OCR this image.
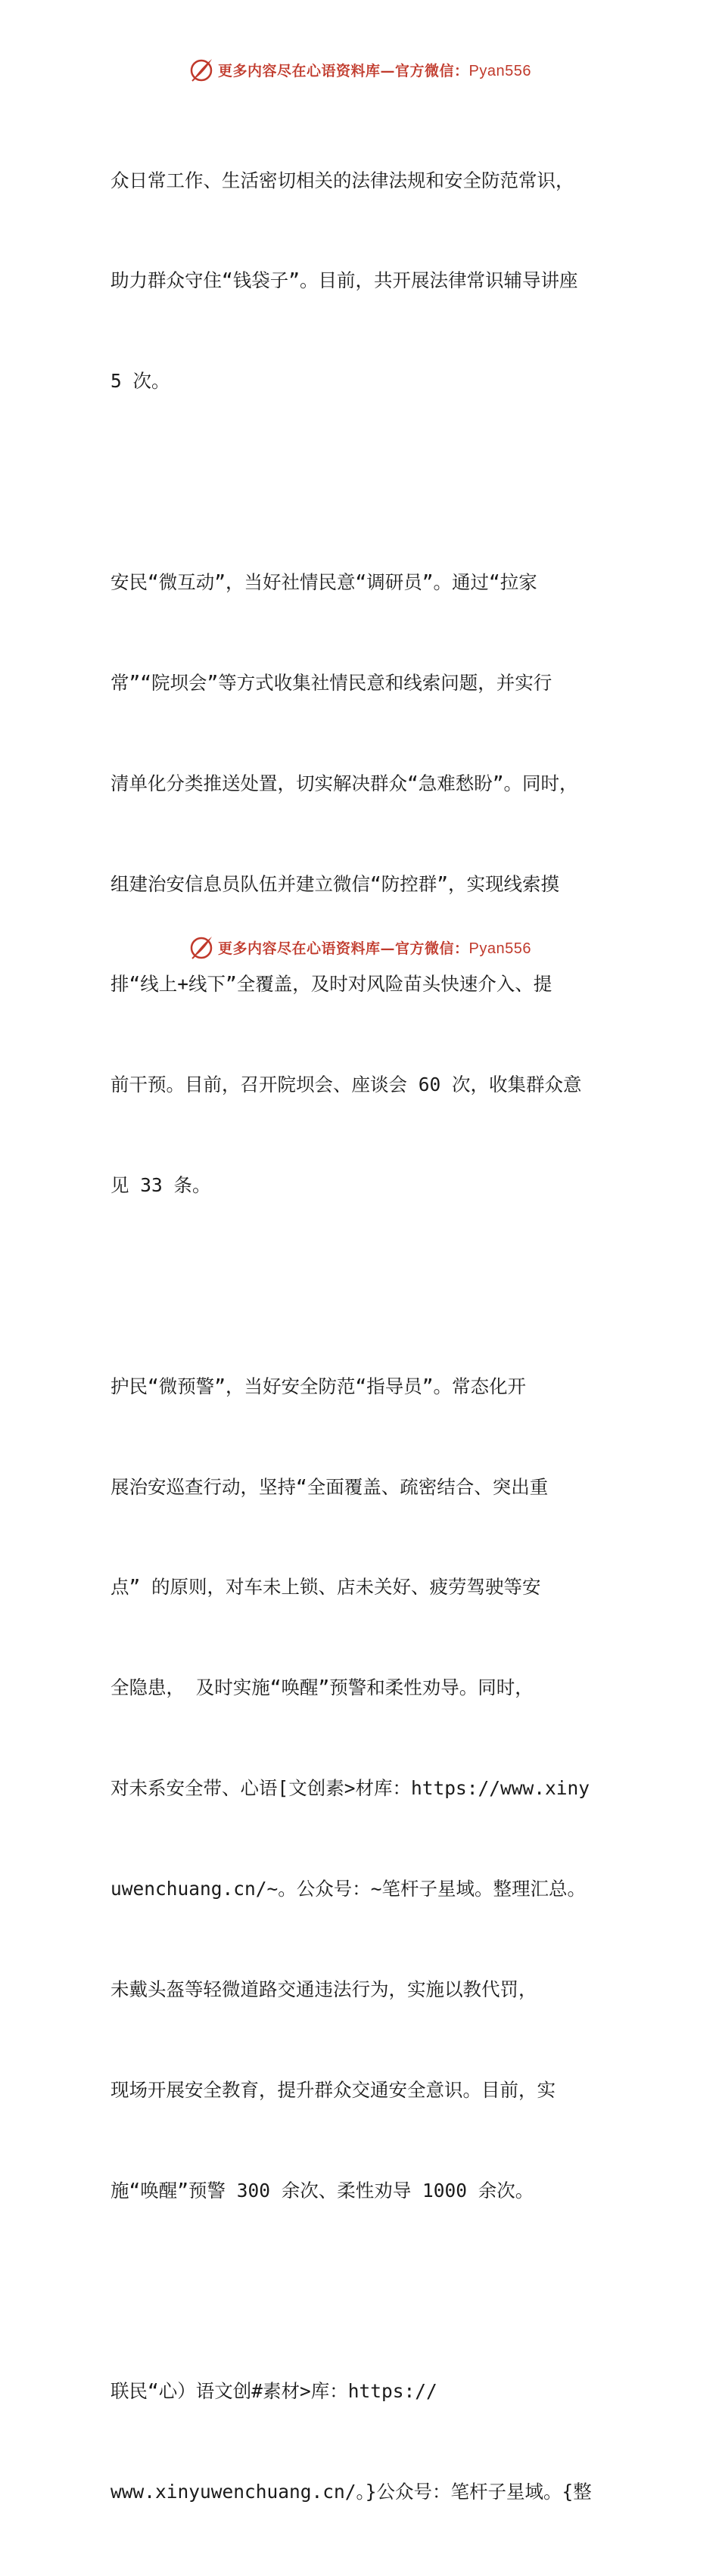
更多内容尽在心语资料库—官方微信：Pyan556

众日常工作、生活密切相关的法律法规和安全防范常识，

助力群众守住“钱袋子”。目前，共开展法律常识辅导讲座

5 次。

安民“微互动”，当好社情民意“调研员”。通过“拉家

常”“院坝会”等方式收集社情民意和线索问题，并实行

清单化分类推送处置，切实解决群众“急难愁盼”。同时，

组建治安信息员队伍并建立微信“防控群”，实现线索摸

排“线上+线下”全覆盖，及时对风险苗头快速介入、提

前干预。目前，召开院坝会、座谈会 60 次，收集群众意

见 33 条。

护民“微预警”，当好安全防范“指导员”。常态化开

展治安巡查行动，坚持“全面覆盖、疏密结合、突出重

点” 的原则，对车未上锁、店未关好、疲劳驾驶等安

全隐患， 及时实施“唤醒”预警和柔性劝导。同时，

对未系安全带、心语[文创素>材库：https://www.xiny

uwenchuang.cn/~。公众号：~笔杆子星域。整理汇总。

未戴头盔等轻微道路交通违法行为，实施以教代罚，

现场开展安全教育，提升群众交通安全意识。目前，实

施“唤醒”预警 300 余次、柔性劝导 1000 余次。

联民“心）语文创#素材>库：https://

www.xinyuwenchuang.cn/。}公众号：笔杆子星域。{整

更多内容尽在心语资料库—官方微信：Pyan556
